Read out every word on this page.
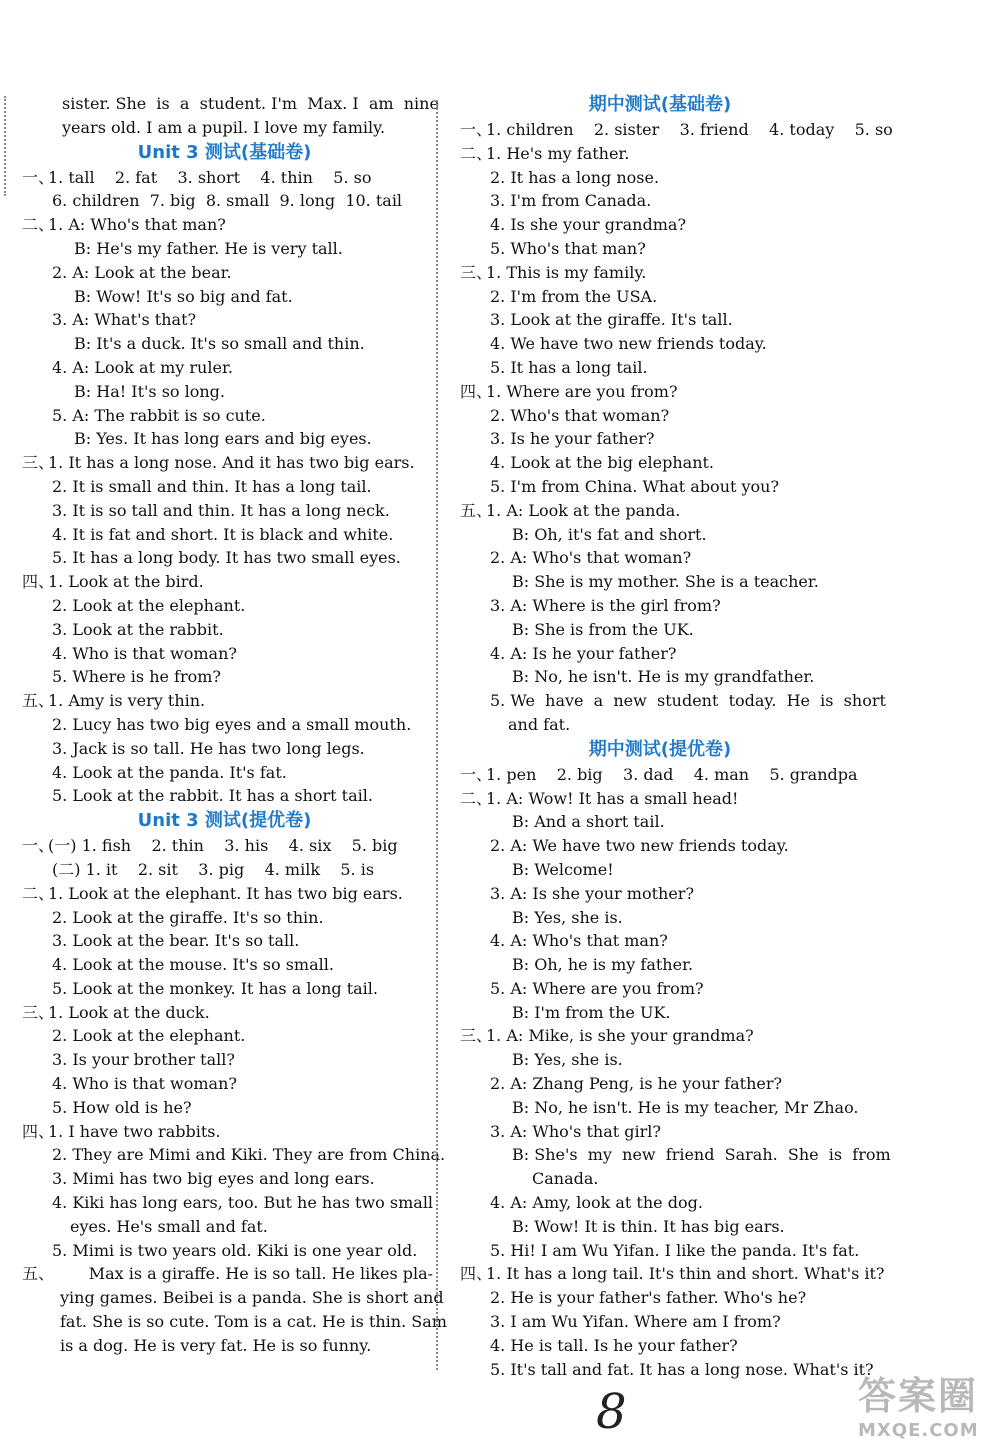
sister. She  is  a  student. I'm  Max. I  am  nine
years old. I am a pupil. I love my family.
Unit 3 测试(基础卷)
一、1. tall    2. fat    3. short    4. thin    5. so
6. children  7. big  8. small  9. long  10. tail
二、1. A: Who's that man?
B: He's my father. He is very tall.
2. A: Look at the bear.
B: Wow! It's so big and fat.
3. A: What's that?
B: It's a duck. It's so small and thin.
4. A: Look at my ruler.
B: Ha! It's so long.
5. A: The rabbit is so cute.
B: Yes. It has long ears and big eyes.
三、1. It has a long nose. And it has two big ears.
2. It is small and thin. It has a long tail.
3. It is so tall and thin. It has a long neck.
4. It is fat and short. It is black and white.
5. It has a long body. It has two small eyes.
四、1. Look at the bird.
2. Look at the elephant.
3. Look at the rabbit.
4. Who is that woman?
5. Where is he from?
五、1. Amy is very thin.
2. Lucy has two big eyes and a small mouth.
3. Jack is so tall. He has two long legs.
4. Look at the panda. It's fat.
5. Look at the rabbit. It has a short tail.
Unit 3 测试(提优卷)
一、(一) 1. fish    2. thin    3. his    4. six    5. big
(二) 1. it    2. sit    3. pig    4. milk    5. is
二、1. Look at the elephant. It has two big ears.
2. Look at the giraffe. It's so thin.
3. Look at the bear. It's so tall.
4. Look at the mouse. It's so small.
5. Look at the monkey. It has a long tail.
三、1. Look at the duck.
2. Look at the elephant.
3. Is your brother tall?
4. Who is that woman?
5. How old is he?
四、1. I have two rabbits.
2. They are Mimi and Kiki. They are from China.
3. Mimi has two big eyes and long ears.
4. Kiki has long ears, too. But he has two small
eyes. He's small and fat.
5. Mimi is two years old. Kiki is one year old.
五、        Max is a giraffe. He is so tall. He likes pla-
ying games. Beibei is a panda. She is short and
fat. She is so cute. Tom is a cat. He is thin. Sam
is a dog. He is very fat. He is so funny.
期中测试(基础卷)
一、1. children    2. sister    3. friend    4. today    5. so
二、1. He's my father.
2. It has a long nose.
3. I'm from Canada.
4. Is she your grandma?
5. Who's that man?
三、1. This is my family.
2. I'm from the USA.
3. Look at the giraffe. It's tall.
4. We have two new friends today.
5. It has a long tail.
四、1. Where are you from?
2. Who's that woman?
3. Is he your father?
4. Look at the big elephant.
5. I'm from China. What about you?
五、1. A: Look at the panda.
B: Oh, it's fat and short.
2. A: Who's that woman?
B: She is my mother. She is a teacher.
3. A: Where is the girl from?
B: She is from the UK.
4. A: Is he your father?
B: No, he isn't. He is my grandfather.
5. We  have  a  new  student  today.  He  is  short
and fat.
期中测试(提优卷)
一、1. pen    2. big    3. dad    4. man    5. grandpa
二、1. A: Wow! It has a small head!
B: And a short tail.
2. A: We have two new friends today.
B: Welcome!
3. A: Is she your mother?
B: Yes, she is.
4. A: Who's that man?
B: Oh, he is my father.
5. A: Where are you from?
B: I'm from the UK.
三、1. A: Mike, is she your grandma?
B: Yes, she is.
2. A: Zhang Peng, is he your father?
B: No, he isn't. He is my teacher, Mr Zhao.
3. A: Who's that girl?
B: She's  my  new  friend  Sarah.  She  is  from
Canada.
4. A: Amy, look at the dog.
B: Wow! It is thin. It has big ears.
5. Hi! I am Wu Yifan. I like the panda. It's fat.
四、1. It has a long tail. It's thin and short. What's it?
2. He is your father's father. Who's he?
3. I am Wu Yifan. Where am I from?
4. He is tall. Is he your father?
5. It's tall and fat. It has a long nose. What's it?
8	答案圈
MXQE.COM
